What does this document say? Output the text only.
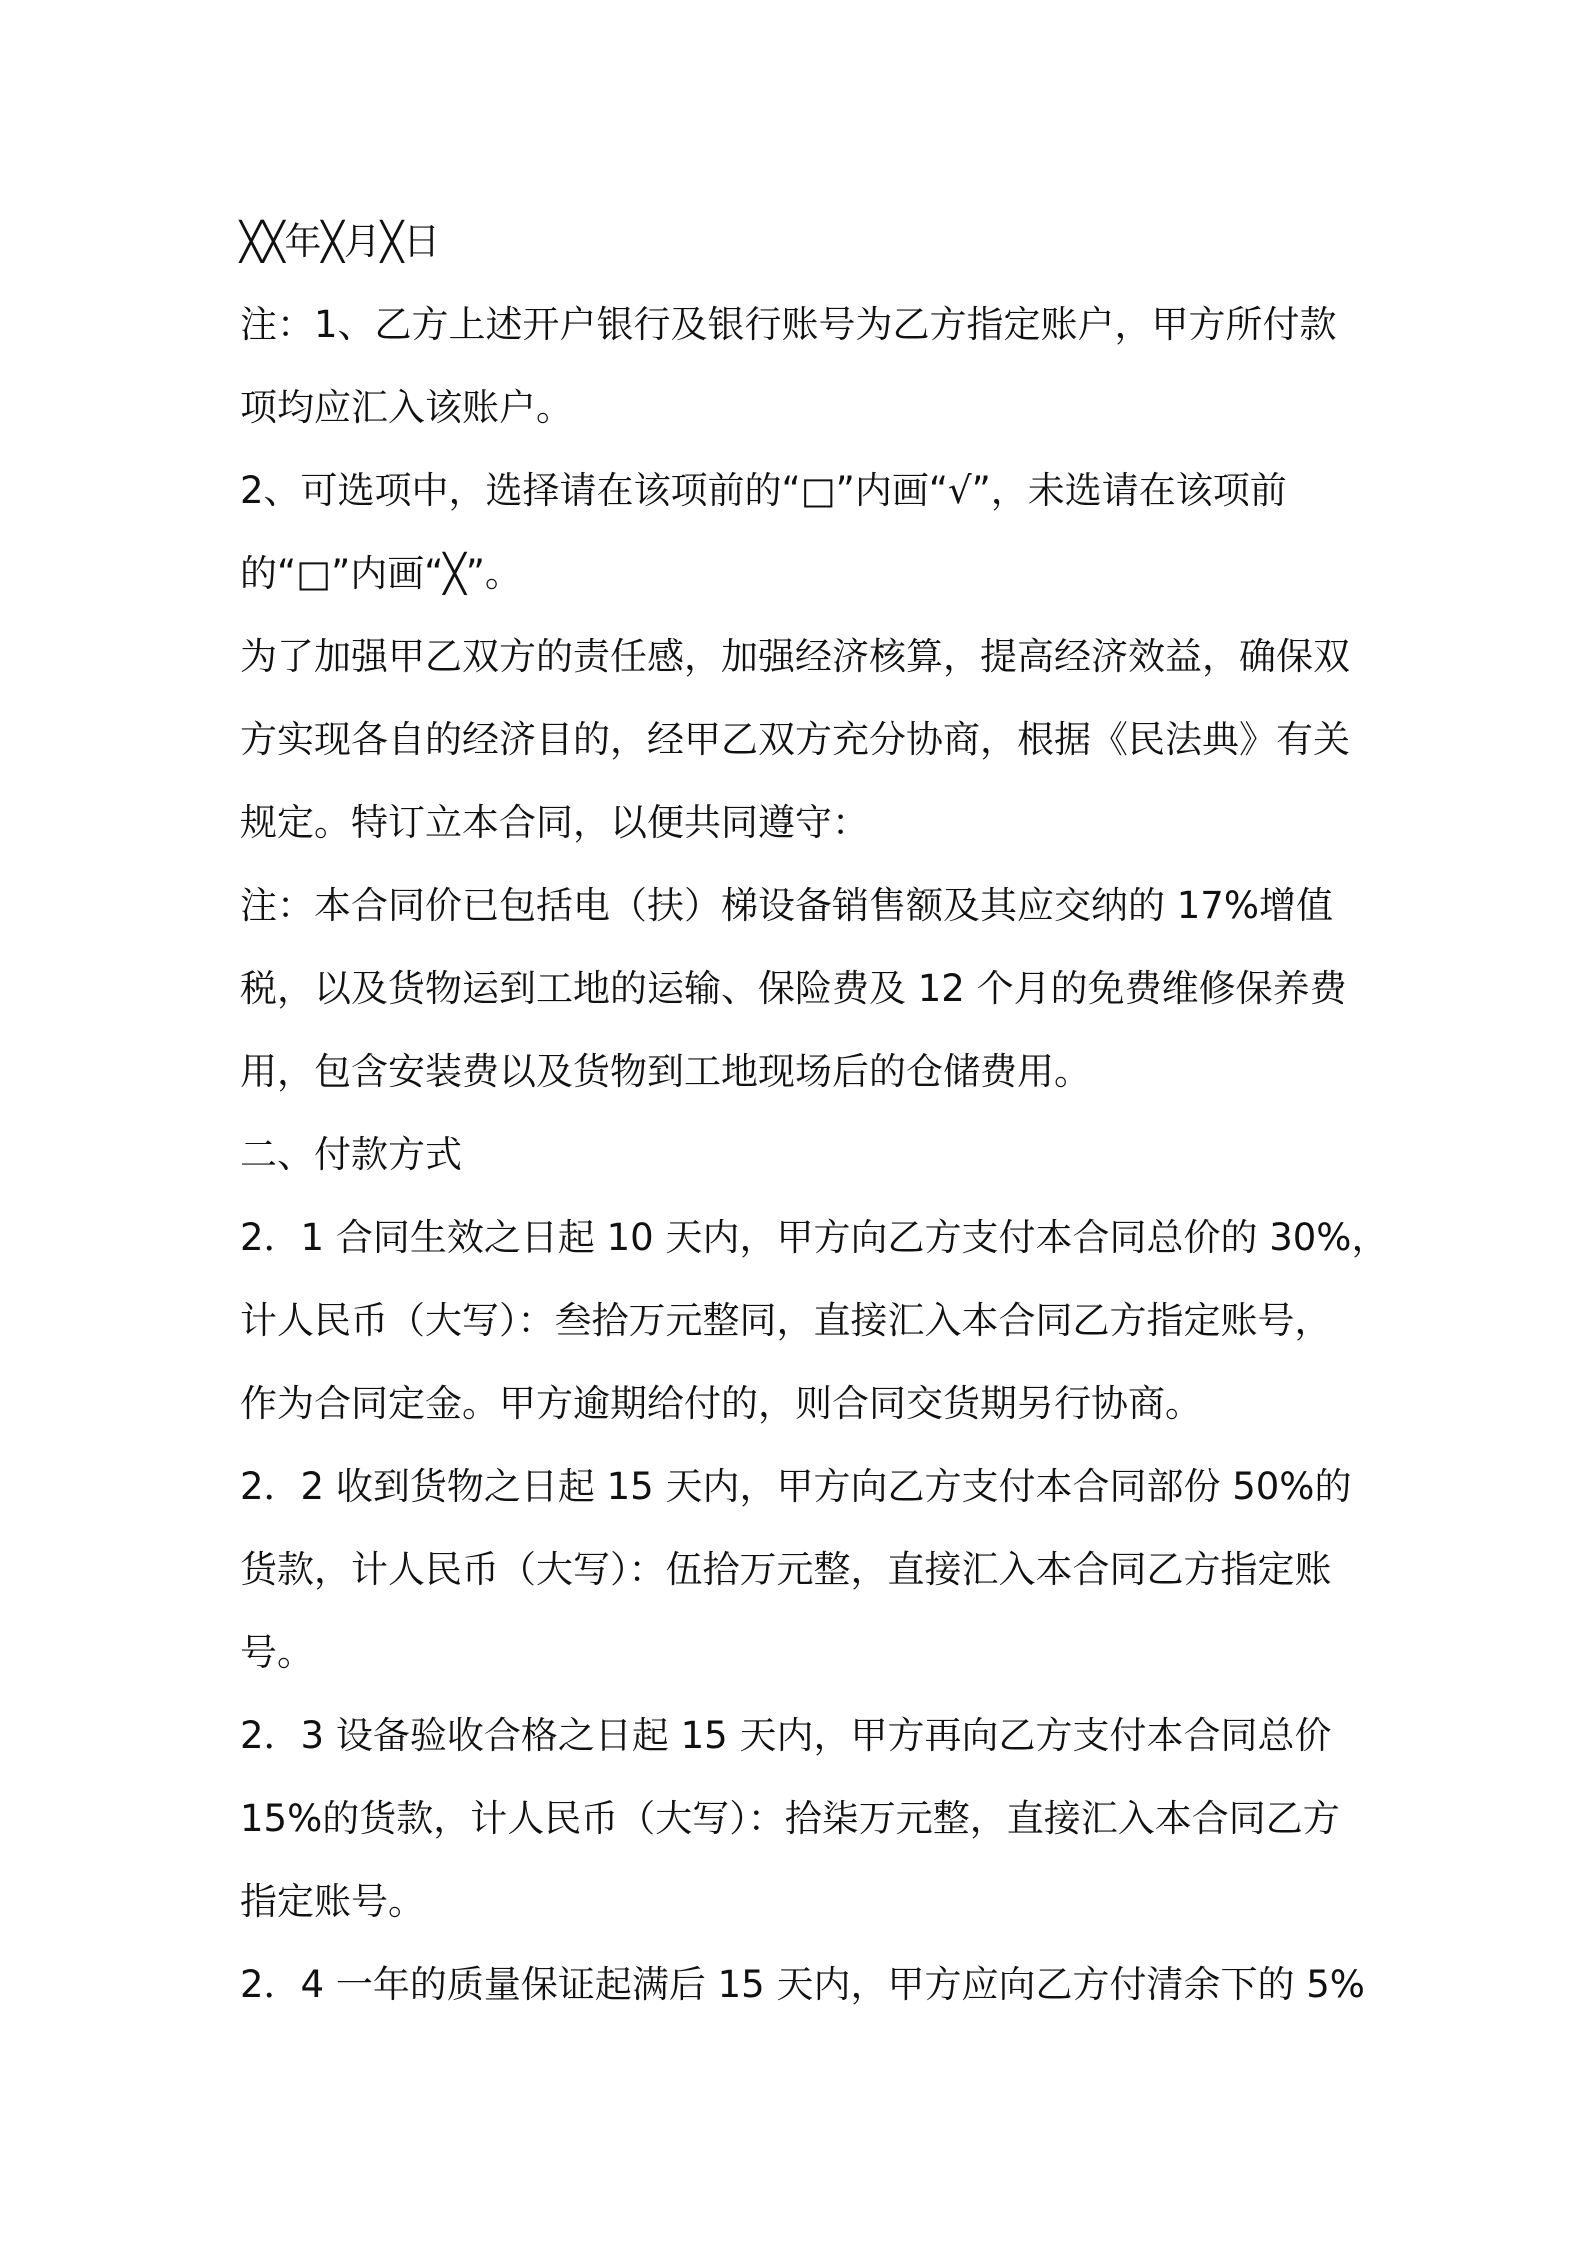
╳╳年╳月╳日
注：1、乙方上述开户银行及银行账号为乙方指定账户，甲方所付款
项均应汇入该账户。
2、可选项中，选择请在该项前的“□”内画“√”，未选请在该项前
的“□”内画“╳”。
为了加强甲乙双方的责任感，加强经济核算，提高经济效益，确保双
方实现各自的经济目的，经甲乙双方充分协商，根据《民法典》有关
规定。特订立本合同，以便共同遵守：
注：本合同价已包括电（扶）梯设备销售额及其应交纳的 17%增值
税，以及货物运到工地的运输、保险费及 12 个月的免费维修保养费
用，包含安装费以及货物到工地现场后的仓储费用。
二、付款方式
2．1 合同生效之日起 10 天内，甲方向乙方支付本合同总价的 30%，
计人民币（大写）：叁拾万元整同，直接汇入本合同乙方指定账号，
作为合同定金。甲方逾期给付的，则合同交货期另行协商。
2．2 收到货物之日起 15 天内，甲方向乙方支付本合同部份 50%的
货款，计人民币（大写）：伍拾万元整，直接汇入本合同乙方指定账
号。
2．3 设备验收合格之日起 15 天内，甲方再向乙方支付本合同总价
15%的货款，计人民币（大写）：拾柒万元整，直接汇入本合同乙方
指定账号。
2．4 一年的质量保证起满后 15 天内，甲方应向乙方付清余下的 5%
